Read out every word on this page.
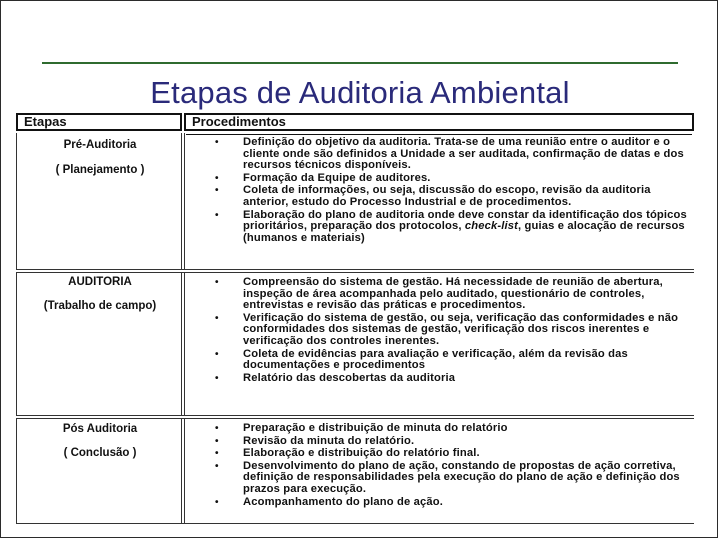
Etapas de Auditoria Ambiental
Etapas	Procedimentos
Pré-Auditoria
( Planejamento )
• Definição do objetivo da auditoria. Trata-se de uma reunião entre o auditor e o cliente onde são definidos a Unidade a ser auditada, confirmação de datas e dos recursos técnicos disponíveis.
• Formação da Equipe de auditores.
• Coleta de informações, ou seja, discussão do escopo, revisão da auditoria anterior, estudo do Processo Industrial e de procedimentos.
• Elaboração do plano de auditoria onde deve constar da identificação dos tópicos prioritários, preparação dos protocolos, check-list, guias e alocação de recursos (humanos e materiais)
AUDITORIA
(Trabalho de campo)
• Compreensão do sistema de gestão. Há necessidade de reunião de abertura, inspeção de área acompanhada pelo auditado, questionário de controles, entrevistas e revisão das práticas e procedimentos.
• Verificação do sistema de gestão, ou seja, verificação das conformidades e não conformidades dos sistemas de gestão, verificação dos riscos inerentes e verificação dos controles inerentes.
• Coleta de evidências para avaliação e verificação, além da revisão das documentações e procedimentos
• Relatório das descobertas da auditoria
Pós Auditoria
( Conclusão )
• Preparação e distribuição de minuta do relatório
• Revisão da minuta do relatório.
• Elaboração e distribuição do relatório final.
• Desenvolvimento do plano de ação, constando de propostas de ação corretiva, definição de responsabilidades pela execução do plano de ação e definição dos prazos para execução.
• Acompanhamento do plano de ação.
